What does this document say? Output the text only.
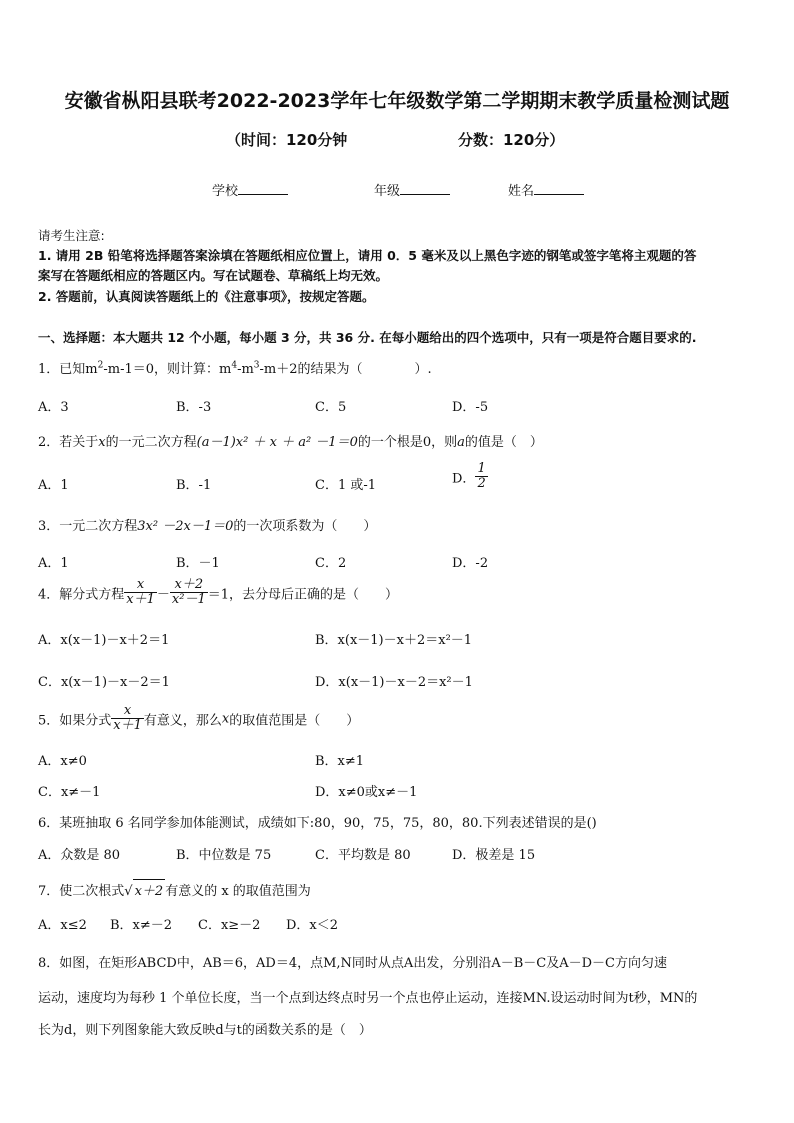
安徽省枞阳县联考2022-2023学年七年级数学第二学期期末教学质量检测试题
（时间：120分钟	分数：120分）
学校	年级	姓名
请考生注意:
1. 请用 2B 铅笔将选择题答案涂填在答题纸相应位置上，请用 0．5 毫米及以上黑色字迹的钢笔或签字笔将主观题的答
案写在答题纸相应的答题区内。写在试题卷、草稿纸上均无效。
2. 答题前，认真阅读答题纸上的《注意事项》，按规定答题。
一、选择题：本大题共 12 个小题，每小题 3 分，共 36 分. 在每小题给出的四个选项中，只有一项是符合题目要求的.
1．已知$m^2-m-1=0$，则计算：$m^4-m^3-m+2$的结果为（　　　　）.
A．3	B．-3	C．5	D．-5
2．若关于x的一元二次方程(a－1)x² ＋ x ＋ a² －1＝0的一个根是0，则a的值是（　）
A．1	B．-1	C．1 或-1	D． $\frac{1}{2}$
3．一元二次方程3x² －2x－1＝0的一次项系数为（　　）
A．1	B．－1	C．2	D．-2
4．解分式方程 $\frac{x}{x+1} - \frac{x+2}{\text{x²－1}} =1$，去分母后正确的是（　　）
A．x(x－1)－x＋2＝1	B．x(x－1)－x＋2＝x²－1
C．x(x－1)－x－2＝1	D．x(x－1)－x－2＝x²－1
5．如果分式 $\frac{x}{x+1}$ 有意义，那么x的取值范围是（　　）
A．x≠0	B．x≠1
C．x≠－1	D．x≠0或x≠－1
6．某班抽取 6 名同学参加体能测试，成绩如下:80，90，75，75，80，80.下列表述错误的是()
A．众数是 80	B．中位数是 75	C．平均数是 80	D．极差是 15
7．使二次根式√ x＋2 有意义的 x 的取值范围为
A．x≤2 B．x≠－2 C．x≥－2 D．x＜2
8．如图，在矩形ABCD中，AB＝6，AD＝4，点M,N同时从点A出发，分别沿A－B－C及A－D－C方向匀速
运动，速度均为每秒 1 个单位长度，当一个点到达终点时另一个点也停止运动，连接MN.设运动时间为t秒，MN的
长为d，则下列图象能大致反映d与t的函数关系的是（　）
